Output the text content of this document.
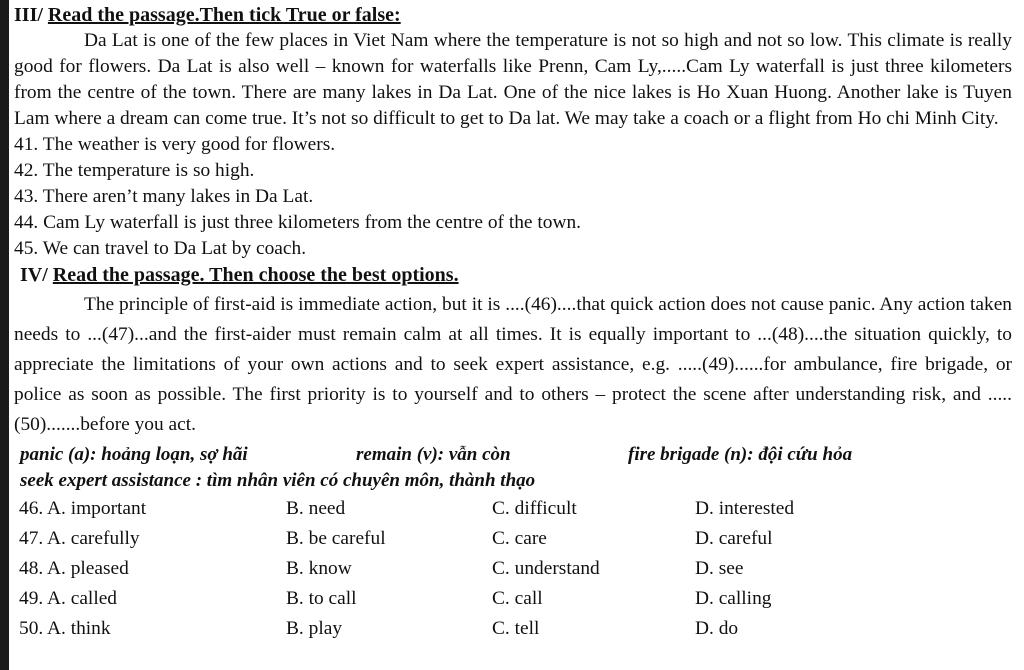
III/ Read the passage.Then tick True or false:

Da Lat is one of the few places in Viet Nam where the temperature is not so high and not so low. This climate is really good for flowers. Da Lat is also well – known for waterfalls like Prenn, Cam Ly,.....Cam Ly waterfall is just three kilometers from the centre of the town. There are many lakes in Da Lat. One of the nice lakes is Ho Xuan Huong. Another lake is Tuyen Lam where a dream can come true. It’s not so difficult to get to Da lat. We may take a coach or a flight from Ho chi Minh City.

41. The weather is very good for flowers.
42. The temperature is so high.
43. There aren’t many lakes in Da Lat.
44. Cam Ly waterfall is just three kilometers from the centre of the town.
45. We can travel to Da Lat by coach.
IV/ Read the passage. Then choose the best options.

The principle of first-aid is immediate action, but it is ....(46)....that quick action does not cause panic. Any action taken needs to ...(47)...and the first-aider must remain calm at all times. It is equally important to ...(48)....the situation quickly, to appreciate the limitations of your own actions and to seek expert assistance, e.g. .....(49)......for ambulance, fire brigade, or police as soon as possible. The first priority is to yourself and to others – protect the scene after understanding risk, and .....(50).......before you act.

panic (a): hoảng loạn, sợ hãi	remain (v): vẫn còn	fire brigade (n): đội cứu hỏa
seek expert assistance : tìm nhân viên có chuyên môn, thành thạo
46. A. important	B. need	C. difficult	D. interested
47. A. carefully	B. be careful	C. care	D. careful
48. A. pleased	B. know	C. understand	D. see
49. A. called	B. to call	C. call	D. calling
50. A. think	B. play	C. tell	D. do
